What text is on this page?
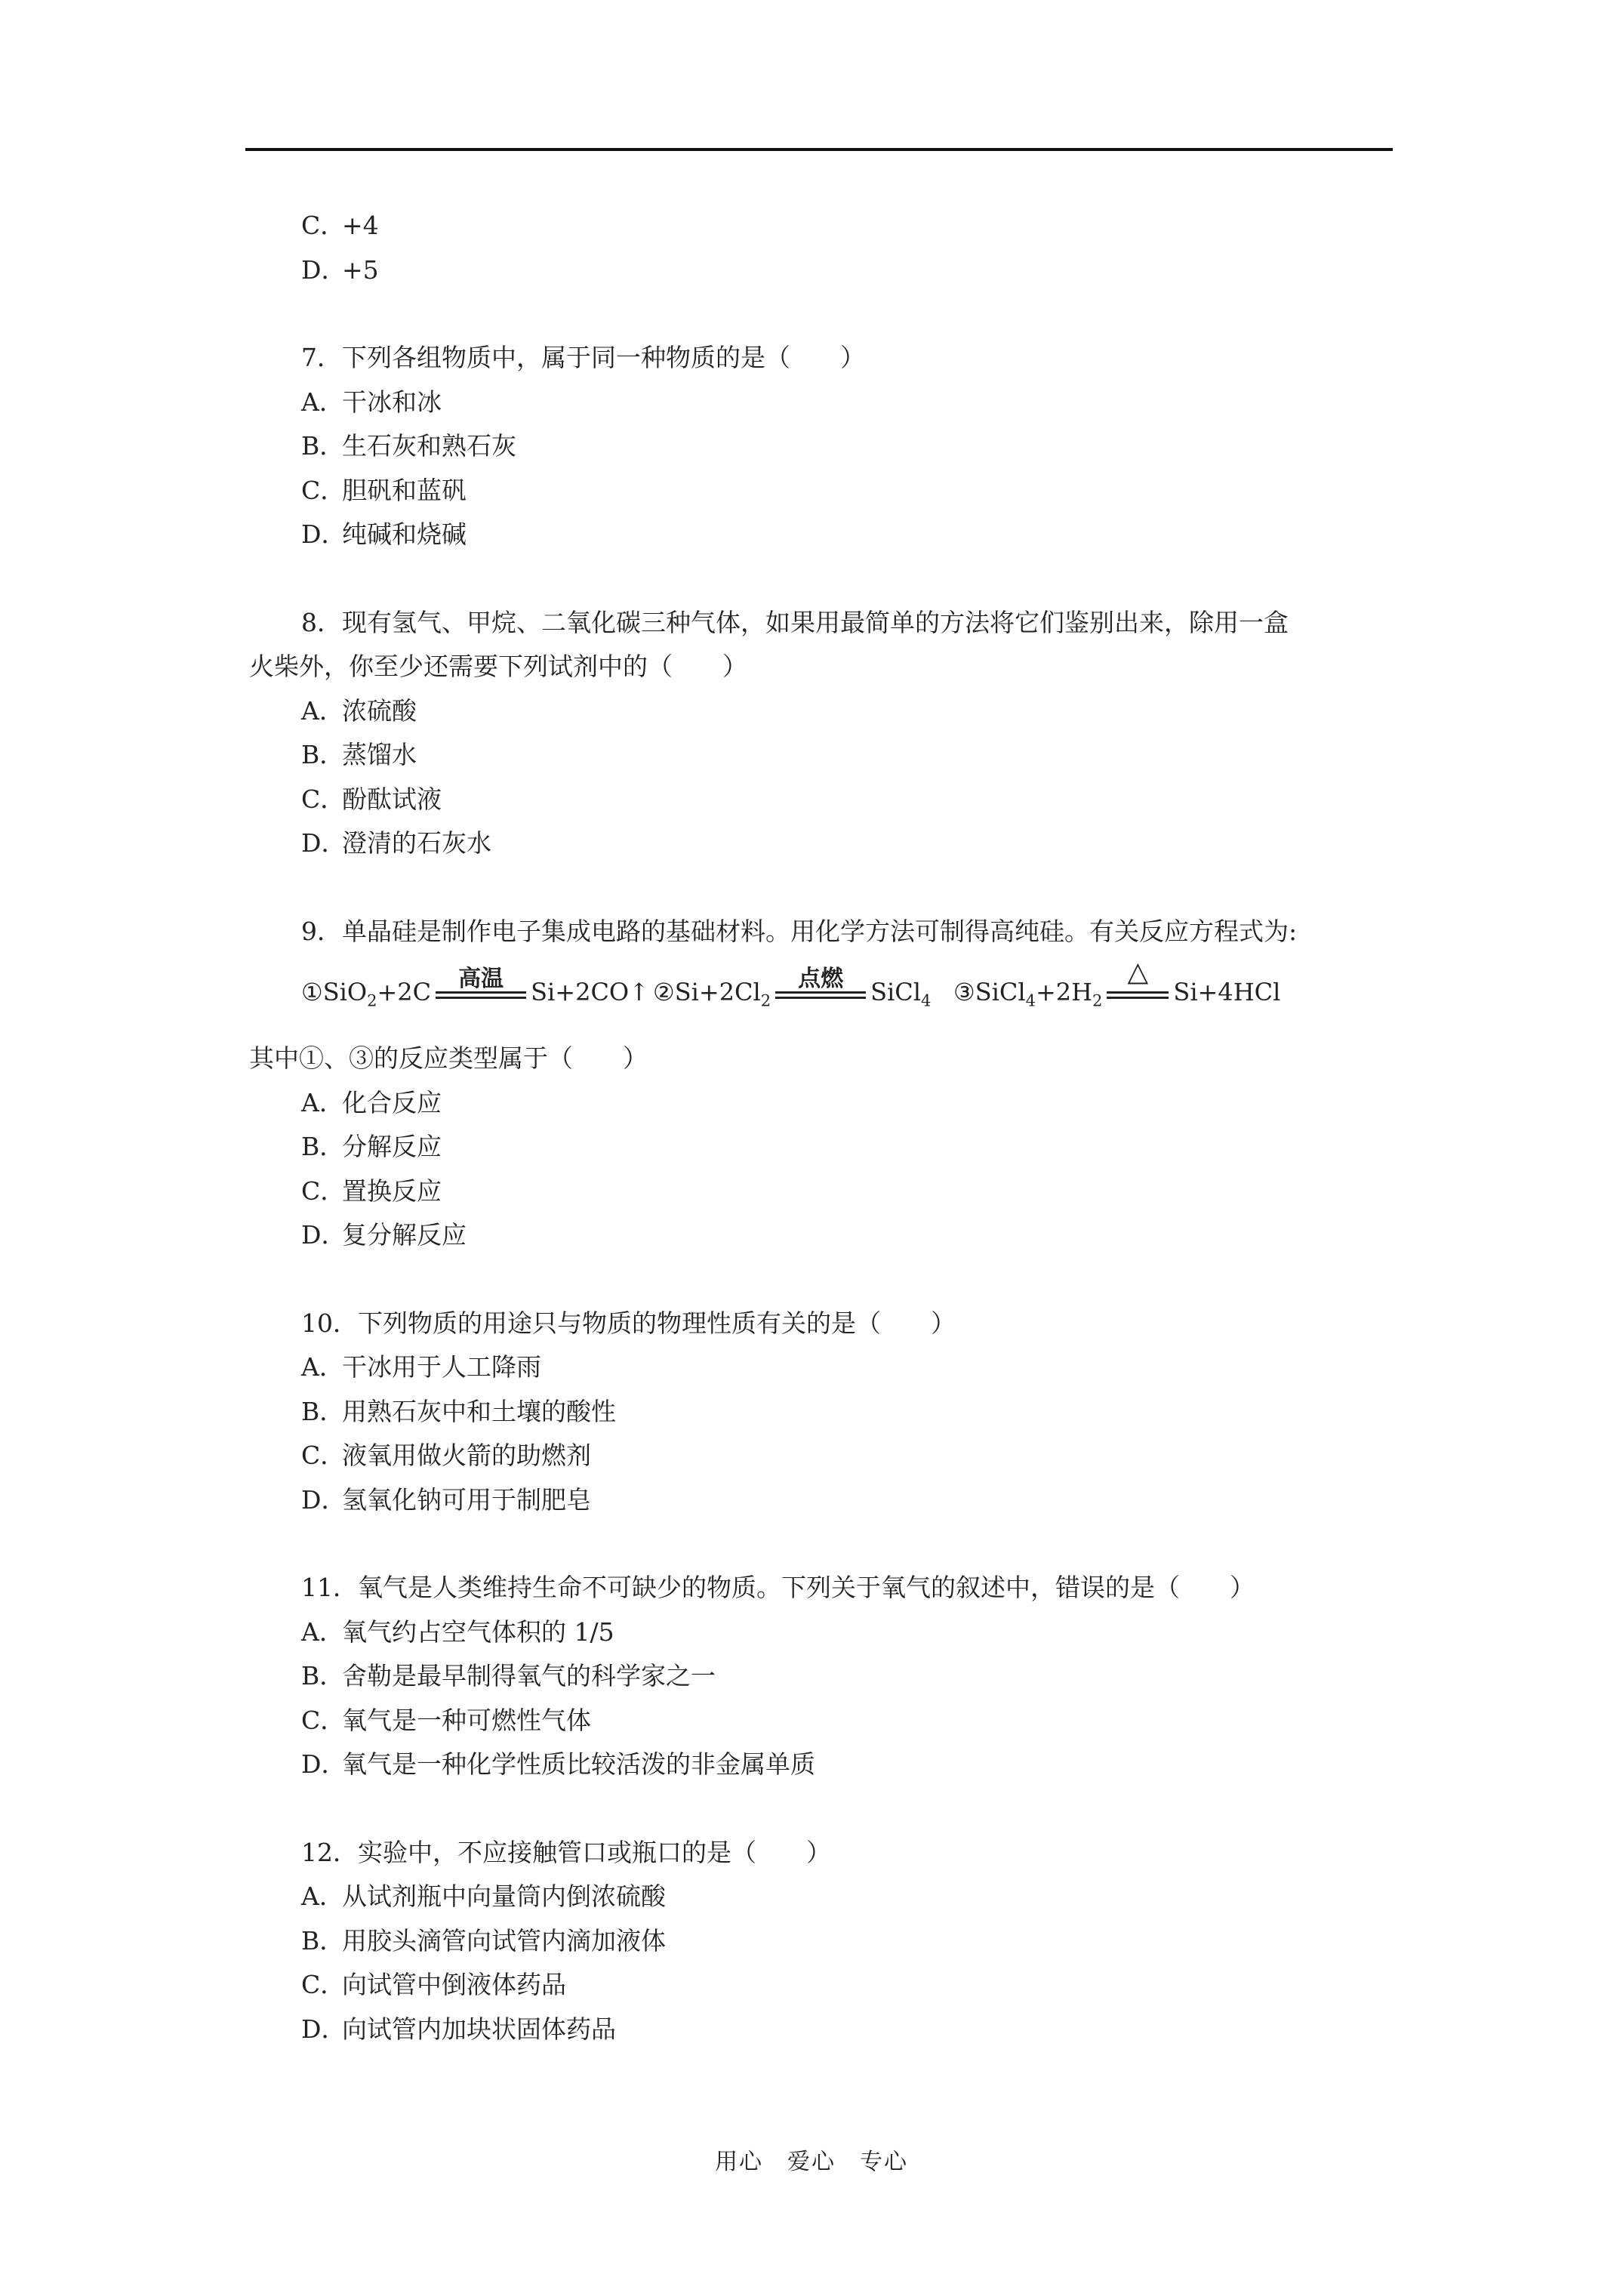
C．+4
D．+5
7．下列各组物质中，属于同一种物质的是（　　）
A．干冰和冰
B．生石灰和熟石灰
C．胆矾和蓝矾
D．纯碱和烧碱
8．现有氢气、甲烷、二氧化碳三种气体，如果用最简单的方法将它们鉴别出来，除用一盒
火柴外，你至少还需要下列试剂中的（　　）
A．浓硫酸
B．蒸馏水
C．酚酞试液
D．澄清的石灰水
9．单晶硅是制作电子集成电路的基础材料。用化学方法可制得高纯硅。有关反应方程式为:
①SiO$_2$+2C	高温	Si+2CO↑ $②Si+2Cl_2$
点燃	SiCl$_4$ $③SiCl_4+2H_2$
△
Si+4HCl
其中①、③的反应类型属于（　　）
A．化合反应
B．分解反应
C．置换反应
D．复分解反应
10．下列物质的用途只与物质的物理性质有关的是（　　）
A．干冰用于人工降雨
B．用熟石灰中和土壤的酸性
C．液氧用做火箭的助燃剂
D．氢氧化钠可用于制肥皂
11．氧气是人类维持生命不可缺少的物质。下列关于氧气的叙述中，错误的是（　　）
A．氧气约占空气体积的 1/5
B．舍勒是最早制得氧气的科学家之一
C．氧气是一种可燃性气体
D．氧气是一种化学性质比较活泼的非金属单质
12．实验中，不应接触管口或瓶口的是（　　）
A．从试剂瓶中向量筒内倒浓硫酸
B．用胶头滴管向试管内滴加液体
C．向试管中倒液体药品
D．向试管内加块状固体药品
用心　爱心　专心
